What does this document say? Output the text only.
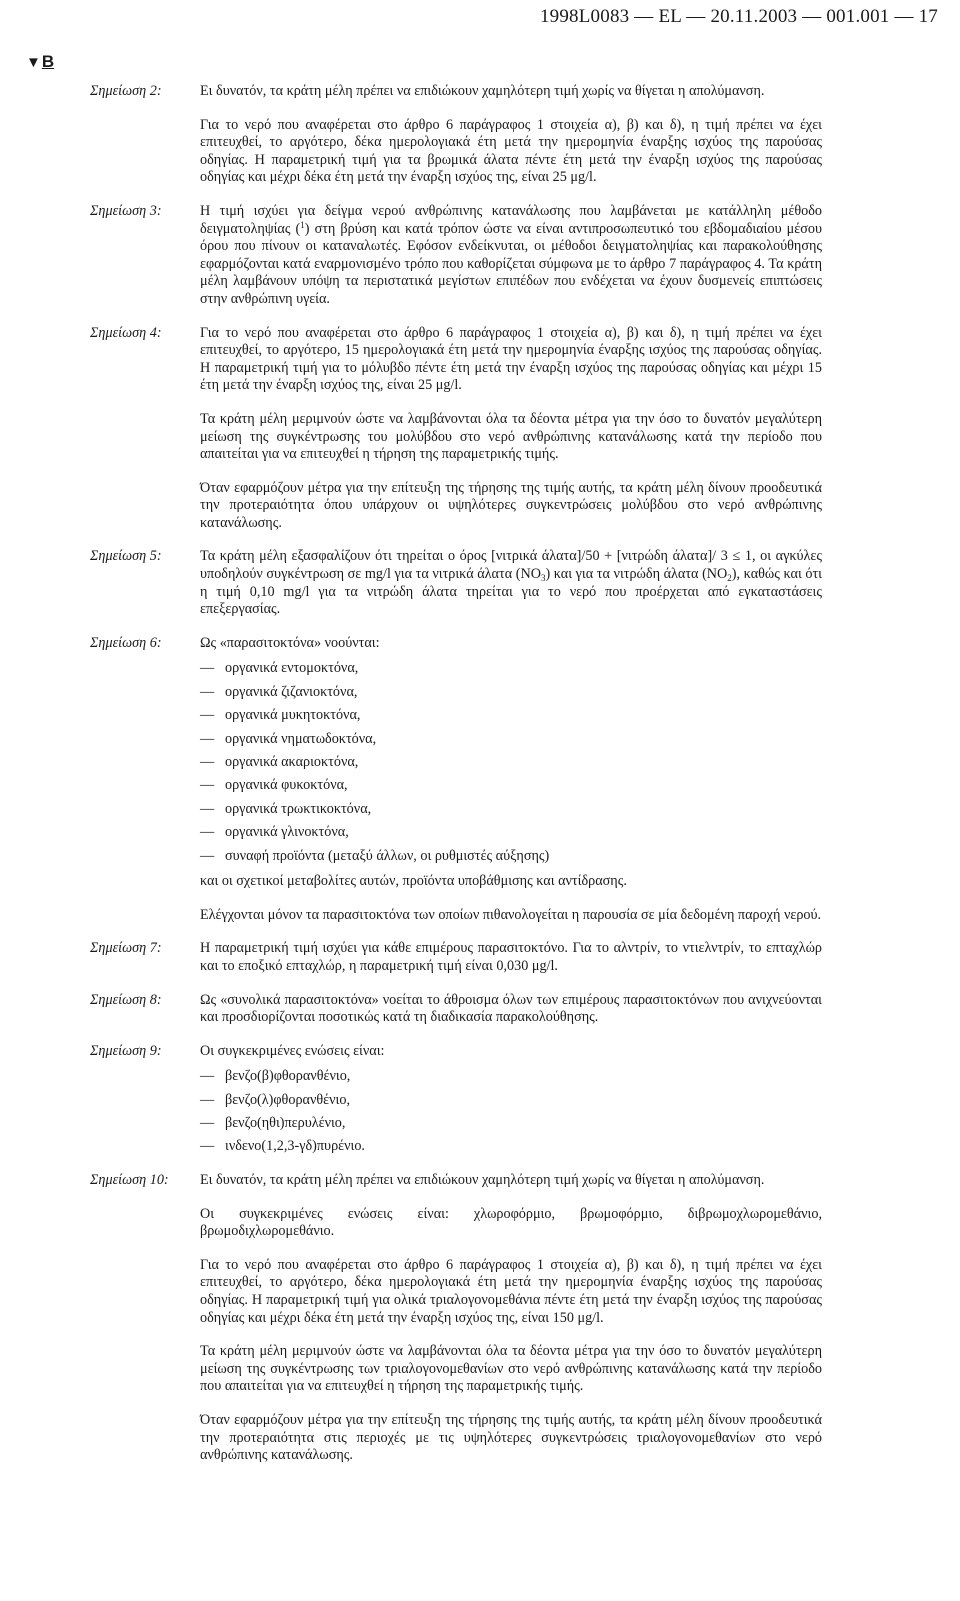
1998L0083 — EL — 20.11.2003 — 001.001 — 17
▼ B
Σημείωση 2:	Ει δυνατόν, τα κράτη μέλη πρέπει να επιδιώκουν χαμηλότερη τιμή χωρίς να θίγεται η απολύμανση.

Για το νερό που αναφέρεται στο άρθρο 6 παράγραφος 1 στοιχεία α), β) και δ), η τιμή πρέπει να έχει επιτευχθεί, το αργότερο, δέκα ημερολογιακά έτη μετά την ημερομηνία έναρξης ισχύος της παρούσας οδηγίας. Η παραμετρική τιμή για τα βρωμικά άλατα πέντε έτη μετά την έναρξη ισχύος της παρούσας οδηγίας και μέχρι δέκα έτη μετά την έναρξη ισχύος της, είναι 25 μg/l.

Σημείωση 3:	Η τιμή ισχύει για δείγμα νερού ανθρώπινης κατανάλωσης που λαμβάνεται με κατάλληλη μέθοδο δειγματοληψίας ($^1$) στη βρύση και κατά τρόπον ώστε να είναι αντιπροσωπευτικό του εβδομαδιαίου μέσου όρου που πίνουν οι καταναλωτές. Εφόσον ενδείκνυται, οι μέθοδοι δειγματοληψίας και παρακολούθησης εφαρμόζονται κατά εναρμονισμένο τρόπο που καθορίζεται σύμφωνα με το άρθρο 7 παράγραφος 4. Τα κράτη μέλη λαμβάνουν υπόψη τα περιστατικά μεγίστων επιπέδων που ενδέχεται να έχουν δυσμενείς επιπτώσεις στην ανθρώπινη υγεία.

Σημείωση 4:	Για το νερό που αναφέρεται στο άρθρο 6 παράγραφος 1 στοιχεία α), β) και δ), η τιμή πρέπει να έχει επιτευχθεί, το αργότερο, 15 ημερολογιακά έτη μετά την ημερομηνία έναρξης ισχύος της παρούσας οδηγίας. Η παραμετρική τιμή για το μόλυβδο πέντε έτη μετά την έναρξη ισχύος της παρούσας οδηγίας και μέχρι 15 έτη μετά την έναρξη ισχύος της, είναι 25 μg/l.

Τα κράτη μέλη μεριμνούν ώστε να λαμβάνονται όλα τα δέοντα μέτρα για την όσο το δυνατόν μεγαλύτερη μείωση της συγκέντρωσης του μολύβδου στο νερό ανθρώπινης κατανάλωσης κατά την περίοδο που απαιτείται για να επιτευχθεί η τήρηση της παραμετρικής τιμής.

Όταν εφαρμόζουν μέτρα για την επίτευξη της τήρησης της τιμής αυτής, τα κράτη μέλη δίνουν προοδευτικά την προτεραιότητα όπου υπάρχουν οι υψηλότερες συγκεντρώσεις μολύβδου στο νερό ανθρώπινης κατανάλωσης.

Σημείωση 5:	Τα κράτη μέλη εξασφαλίζουν ότι τηρείται ο όρος [νιτρικά άλατα]/50 + [νιτρώδη άλατα]/ 3 ≤ 1, οι αγκύλες υποδηλούν συγκέντρωση σε mg/l για τα νιτρικά άλατα $(NO_3)$ και για τα νιτρώδη άλατα $(NO_2)$, καθώς και ότι η τιμή 0,10 mg/l για τα νιτρώδη άλατα τηρείται για το νερό που προέρχεται από εγκαταστάσεις επεξεργασίας.

Σημείωση 6:	Ως «παρασιτοκτόνα» νοούνται:

— οργανικά εντομοκτόνα,
— οργανικά ζιζανιοκτόνα,
— οργανικά μυκητοκτόνα,
— οργανικά νηματωδοκτόνα,
— οργανικά ακαριοκτόνα,
— οργανικά φυκοκτόνα,
— οργανικά τρωκτικοκτόνα,
— οργανικά γλινοκτόνα,
— συναφή προϊόντα (μεταξύ άλλων, οι ρυθμιστές αύξησης)

και οι σχετικοί μεταβολίτες αυτών, προϊόντα υποβάθμισης και αντίδρασης.

Ελέγχονται μόνον τα παρασιτοκτόνα των οποίων πιθανολογείται η παρουσία σε μία δεδομένη παροχή νερού.

Σημείωση 7:	Η παραμετρική τιμή ισχύει για κάθε επιμέρους παρασιτοκτόνο. Για το αλντρίν, το ντιελντρίν, το επταχλώρ και το εποξικό επταχλώρ, η παραμετρική τιμή είναι 0,030 μg/l.

Σημείωση 8:	Ως «συνολικά παρασιτοκτόνα» νοείται το άθροισμα όλων των επιμέρους παρασιτοκτόνων που ανιχνεύονται και προσδιορίζονται ποσοτικώς κατά τη διαδικασία παρακολούθησης.

Σημείωση 9:	Οι συγκεκριμένες ενώσεις είναι:

— βενζο(β)φθορανθένιο,
— βενζο(λ)φθορανθένιο,
— βενζο(ηθι)περυλένιο,
— ινδενο(1,2,3-γδ)πυρένιο.
Σημείωση 10:	Ει δυνατόν, τα κράτη μέλη πρέπει να επιδιώκουν χαμηλότερη τιμή χωρίς να θίγεται η απολύμανση.

Οι συγκεκριμένες ενώσεις είναι: χλωροφόρμιο, βρωμοφόρμιο, διβρωμοχλωρομεθάνιο, βρωμοδιχλωρομεθάνιο.

Για το νερό που αναφέρεται στο άρθρο 6 παράγραφος 1 στοιχεία α), β) και δ), η τιμή πρέπει να έχει επιτευχθεί, το αργότερο, δέκα ημερολογιακά έτη μετά την ημερομηνία έναρξης ισχύος της παρούσας οδηγίας. Η παραμετρική τιμή για ολικά τριαλογονομεθάνια πέντε έτη μετά την έναρξη ισχύος της παρούσας οδηγίας και μέχρι δέκα έτη μετά την έναρξη ισχύος της, είναι 150 μg/l.

Τα κράτη μέλη μεριμνούν ώστε να λαμβάνονται όλα τα δέοντα μέτρα για την όσο το δυνατόν μεγαλύτερη μείωση της συγκέντρωσης των τριαλογονομεθανίων στο νερό ανθρώπινης κατανάλωσης κατά την περίοδο που απαιτείται για να επιτευχθεί η τήρηση της παραμετρικής τιμής.

Όταν εφαρμόζουν μέτρα για την επίτευξη της τήρησης της τιμής αυτής, τα κράτη μέλη δίνουν προοδευτικά την προτεραιότητα στις περιοχές με τις υψηλότερες συγκεντρώσεις τριαλογονομεθανίων στο νερό ανθρώπινης κατανάλωσης.
